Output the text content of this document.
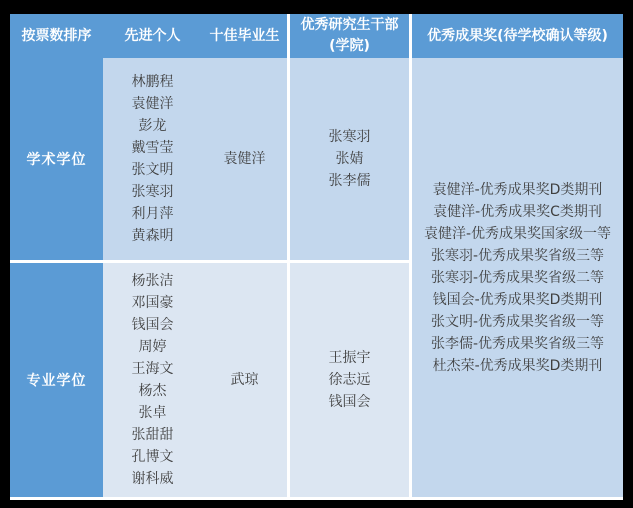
按票数排序	先进个人	十佳毕业生
优秀研究生干部
(学院)
优秀成果奖(待学校确认等级)
学术学位
林鹏程
袁健洋
彭龙
戴雪莹
张文明
张寒羽
利月萍
黄森明
袁健洋
张寒羽
张婧
张李儒
袁健洋-优秀成果奖D类期刊
袁健洋-优秀成果奖C类期刊
袁健洋-优秀成果奖国家级一等
张寒羽-优秀成果奖省级三等
张寒羽-优秀成果奖省级二等
钱国会-优秀成果奖D类期刊
张文明-优秀成果奖省级一等
张李儒-优秀成果奖省级三等
杜杰荣-优秀成果奖D类期刊
专业学位
杨张洁
邓国豪
钱国会
周婷
王海文
杨杰
张卓
张甜甜
孔博文
谢科威
武琼
王振宇
徐志远
钱国会
